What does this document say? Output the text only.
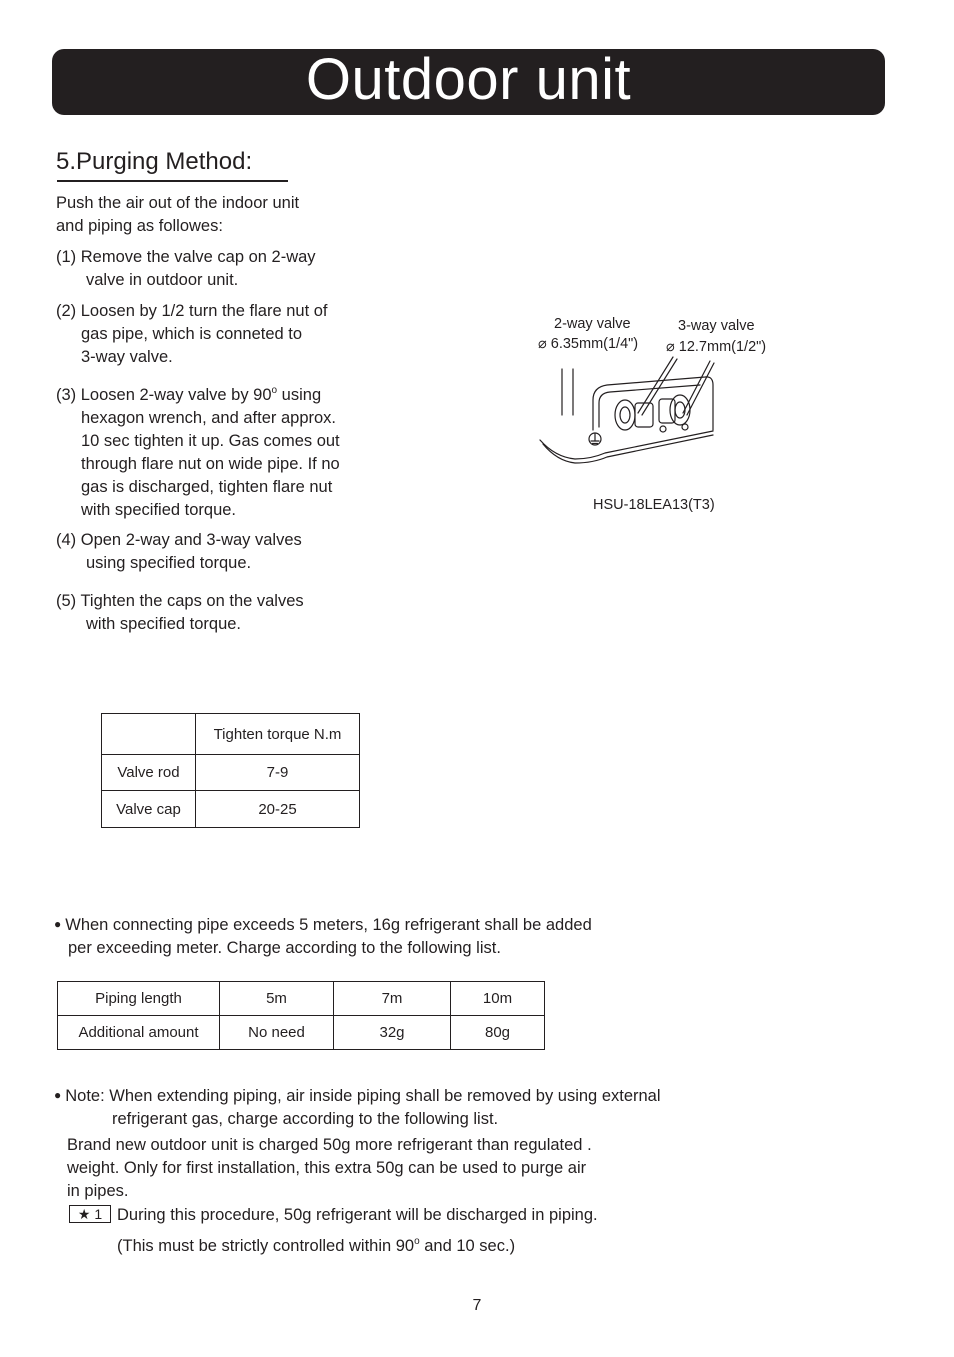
Outdoor unit
5.Purging Method:
Push the air out of the indoor unit
and piping as followes:
(1) Remove the valve cap on 2-way
valve in outdoor unit.
(2) Loosen by 1/2 turn the flare nut of
gas pipe, which is conneted to
3-way valve.
(3) Loosen 2-way valve by 90$^o$ using
hexagon wrench, and after approx.
10 sec tighten it up. Gas comes out
through flare nut on wide pipe. If no
gas is discharged, tighten flare nut
with specified torque.
(4) Open 2-way and 3-way valves
using specified torque.
(5) Tighten the caps on the valves
with specified torque.
2-way valve
⌀ 6.35mm(1/4")
3-way valve
⌀ 12.7mm(1/2")
HSU-18LEA13(T3)
	Tighten torque N.m
Valve rod	7-9
Valve cap	20-25
● When connecting pipe exceeds 5 meters, 16g refrigerant shall be added
per exceeding meter. Charge according to the following list.
Piping length	5m	7m	10m
Additional amount	No need	32g	80g
● Note: When extending piping, air inside piping shall be removed by using external
refrigerant gas, charge according to the following list.
Brand new outdoor unit is charged 50g more refrigerant than regulated .
weight. Only for first installation, this extra 50g can be used to purge air
in pipes.
★ 1 During this procedure, 50g refrigerant will be discharged in piping.
(This must be strictly controlled within 90$^o$ and 10 sec.)
7
